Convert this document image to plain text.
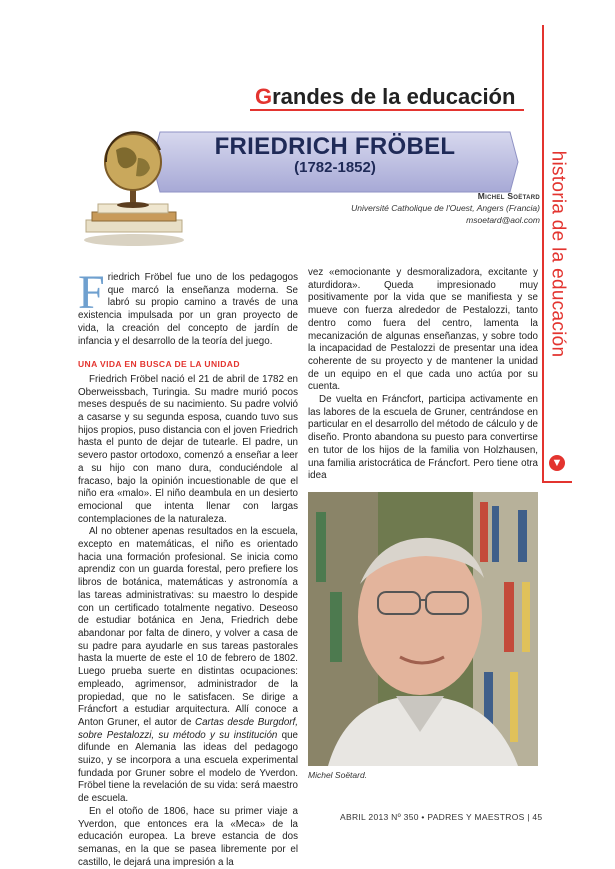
historia de la educación
▼
Grandes de la educación
FRIEDRICH FRÖBEL
(1782-1852)
Michel Soëtard
Université Catholique de l'Ouest, Angers (Francia)
msoetard@aol.com

Friedrich Fröbel fue uno de los pedagogos que marcó la enseñanza moderna. Se labró su propio camino a través de una existencia impulsada por un gran proyecto de vida, la creación del concepto de jardín de infancia y el desarrollo de la teoría del juego.

UNA VIDA EN BUSCA DE LA UNIDAD

Friedrich Fröbel nació el 21 de abril de 1782 en Oberweissbach, Turingia. Su madre murió pocos meses después de su nacimiento. Su padre volvió a casarse y su segunda esposa, cuando tuvo sus hijos propios, puso distancia con el joven Friedrich hasta el punto de dejar de tutearle. El padre, un severo pastor ortodoxo, comenzó a enseñar a leer a su hijo con mano dura, conduciéndole al fracaso, bajo la opinión incuestionable de que el niño era «malo». El niño deambula en un desierto emocional que intenta llenar con largas contemplaciones de la naturaleza.

Al no obtener apenas resultados en la escuela, excepto en matemáticas, el niño es orientado hacia una formación profesional. Se inicia como aprendiz con un guarda forestal, pero prefiere los libros de botánica, matemáticas y astronomía a las tareas administrativas: su maestro lo despide con un certificado totalmente negativo. Deseoso de estudiar botánica en Jena, Friedrich debe abandonar por falta de dinero, y volver a casa de su padre para ayudarle en sus tareas pastorales hasta la muerte de este el 10 de febrero de 1802. Luego prueba suerte en distintas ocupaciones: empleado, agrimensor, administrador de la propiedad, que no le satisfacen. Se dirige a Fráncfort a estudiar arquitectura. Allí conoce a Anton Gruner, el autor de Cartas desde Burgdorf, sobre Pestalozzi, su método y su institución que difunde en Alemania las ideas del pedagogo suizo, y se incorpora a una escuela experimental fundada por Gruner sobre el modelo de Yverdon. Fröbel tiene la revelación de su vida: será maestro de escuela.

En el otoño de 1806, hace su primer viaje a Yverdon, que entonces era la «Meca» de la educación europea. La breve estancia de dos semanas, en la que se pasea libremente por el castillo, le dejará una impresión a la

vez «emocionante y desmoralizadora, excitante y aturdidora». Queda impresionado muy positivamente por la vida que se manifiesta y se mueve con fuerza alrededor de Pestalozzi, tanto dentro como fuera del centro, lamenta la mecanización de algunas enseñanzas, y sobre todo la incapacidad de Pestalozzi de presentar una idea coherente de su proyecto y de mantener la unidad de un equipo en el que cada uno actúa por su cuenta.

De vuelta en Fráncfort, participa activamente en las labores de la escuela de Gruner, centrándose en particular en el desarrollo del método de cálculo y de diseño. Pronto abandona su puesto para convertirse en tutor de los hijos de la familia von Holzhausen, una familia aristocrática de Fráncfort. Pero tiene otra idea

Michel Soëtard.
ABRIL 2013 Nº 350 • PADRES Y MAESTROS | 45
